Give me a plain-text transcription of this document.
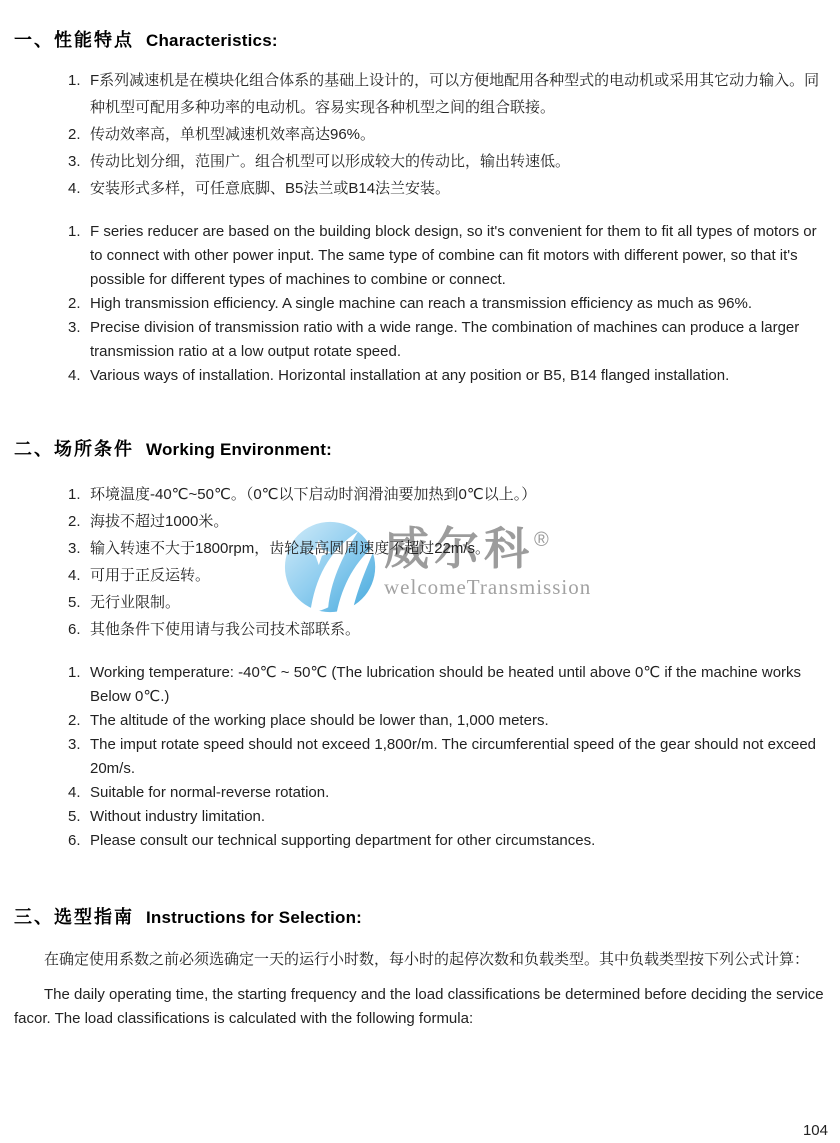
威尔科®
welcomeTransmission
一、性能特点 Characteristics:
1. F系列减速机是在模块化组合体系的基础上设计的，可以方便地配用各种型式的电动机或采用其它动力输入。同种机型可配用多种功率的电动机。容易实现各种机型之间的组合联接。
2. 传动效率高，单机型减速机效率高达96%。
3. 传动比划分细，范围广。组合机型可以形成较大的传动比，输出转速低。
4. 安装形式多样，可任意底脚、B5法兰或B14法兰安装。
1. F series reducer are based on the building block design, so it's convenient for them to fit all types of motors or to connect with other power input. The same type of combine can fit motors with different power, so that it's possible for different types of machines to combine or connect.
2. High transmission efficiency. A single machine can reach a transmission efficiency as much as 96%.
3. Precise division of transmission ratio with a wide range. The combination of machines can produce a larger transmission ratio at a low output rotate speed.
4. Various ways of installation. Horizontal installation at any position or B5, B14 flanged installation.
二、场所条件 Working Environment:
1. 环境温度-40℃~50℃。（0℃以下启动时润滑油要加热到0℃以上。）
2. 海拔不超过1000米。
3. 输入转速不大于1800rpm，齿轮最高圆周速度不超过22m/s。
4. 可用于正反运转。
5. 无行业限制。
6. 其他条件下使用请与我公司技术部联系。
1. Working temperature: -40℃ ~ 50℃ (The lubrication should be heated until above 0℃ if the machine works Below 0℃.)
2. The altitude of the working place should be lower than, 1,000 meters.
3. The imput rotate speed should not exceed 1,800r/m. The circumferential speed of the gear should not exceed 20m/s.
4. Suitable for normal-reverse rotation.
5. Without industry limitation.
6. Please consult our technical supporting department for other circumstances.
三、选型指南 Instructions for Selection:

在确定使用系数之前必须选确定一天的运行小时数，每小时的起停次数和负载类型。其中负载类型按下列公式计算：

The daily operating time, the starting frequency and the load classifications be determined before deciding the service facor. The load classifications is calculated with the following formula:

104
